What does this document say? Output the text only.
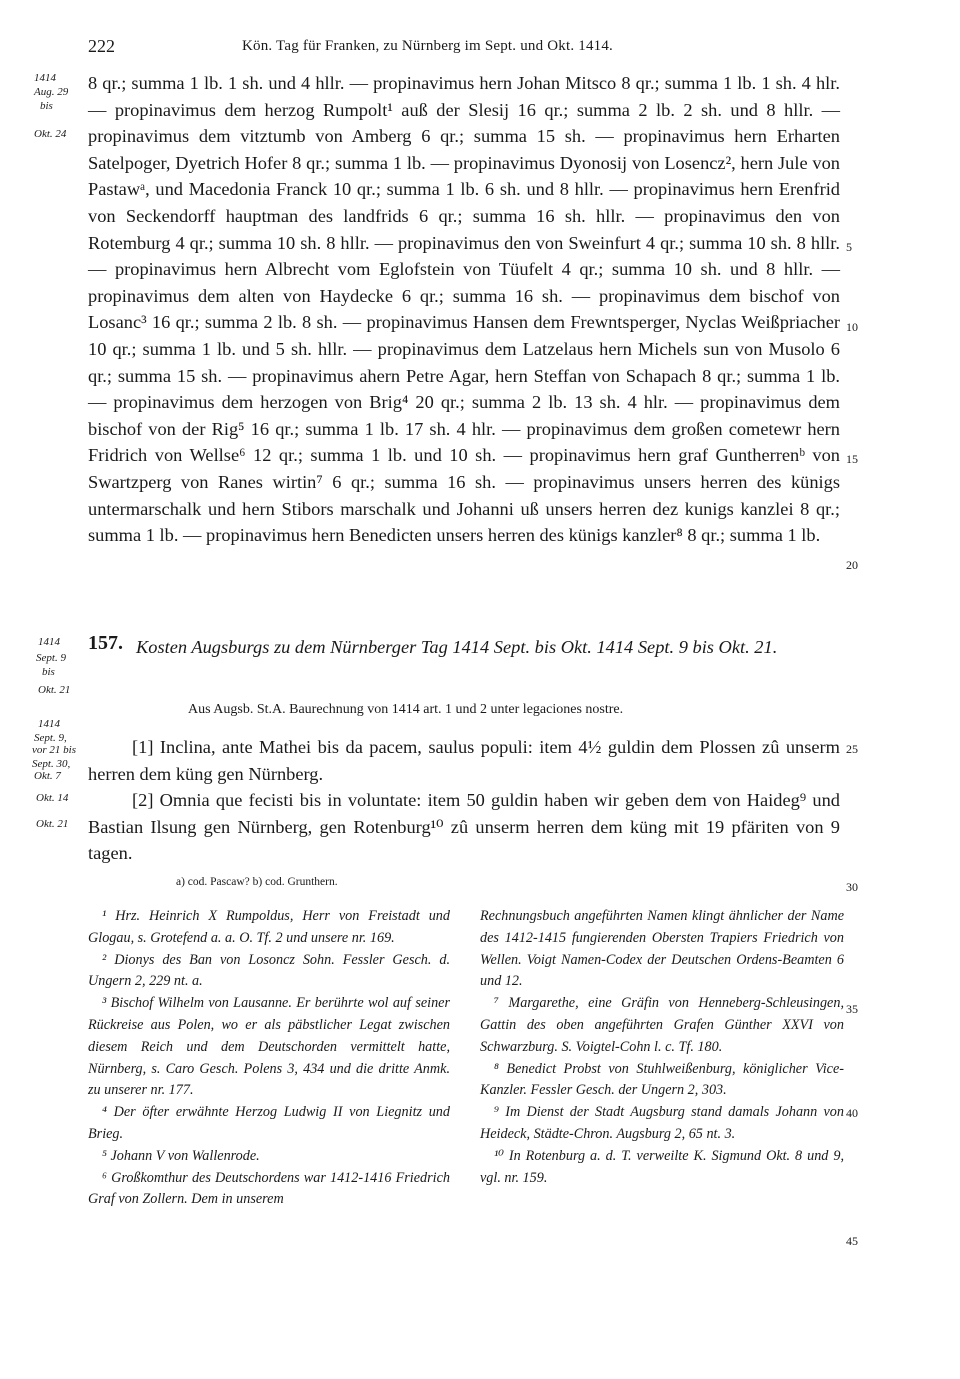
222	Kön. Tag für Franken, zu Nürnberg im Sept. und Okt. 1414.
1414
Aug. 29
bis
Okt. 24
1414
Sept. 9
bis
Okt. 21
1414
Sept. 9,
vor 21 bis
Sept. 30,
Okt. 7
Okt. 14
Okt. 21

8 qr.; summa 1 lb. 1 sh. und 4 hllr. — propinavimus hern Johan Mitsco 8 qr.; summa 1 lb. 1 sh. 4 hlr. — propinavimus dem herzog Rumpolt¹ auß der Slesij 16 qr.; summa 2 lb. 2 sh. und 8 hllr. — propinavimus dem vitztumb von Amberg 6 qr.; summa 15 sh. — propinavimus hern Erharten Satelpoger, Dyetrich Hofer 8 qr.; summa 1 lb. — propinavimus Dyonosij von Losencz², hern Jule von Pastawᵃ, und Macedonia Franck 10 qr.; summa 1 lb. 6 sh. und 8 hllr. — propinavimus hern Erenfrid von Seckendorff hauptman des landfrids 6 qr.; summa 16 sh. hllr. — propinavimus den von Rotemburg 4 qr.; summa 10 sh. 8 hllr. — propinavimus den von Sweinfurt 4 qr.; summa 10 sh. 8 hllr. — propinavimus hern Albrecht vom Eglofstein von Tüufelt 4 qr.; summa 10 sh. und 8 hllr. — propinavimus dem alten von Haydecke 6 qr.; summa 16 sh. — propinavimus dem bischof von Losanc³ 16 qr.; summa 2 lb. 8 sh. — propinavimus Hansen dem Frewntsperger, Nyclas Weißpriacher 10 qr.; summa 1 lb. und 5 sh. hllr. — propinavimus dem Latzelaus hern Michels sun von Musolo 6 qr.; summa 15 sh. — propinavimus ahern Petre Agar, hern Steffan von Schapach 8 qr.; summa 1 lb. — propinavimus dem herzogen von Brig⁴ 20 qr.; summa 2 lb. 13 sh. 4 hlr. — propinavimus dem bischof von der Rig⁵ 16 qr.; summa 1 lb. 17 sh. 4 hlr. — propinavimus dem großen cometewr hern Fridrich von Wellse⁶ 12 qr.; summa 1 lb. und 10 sh. — propinavimus hern graf Guntherrenᵇ von Swartzperg von Ranes wirtin⁷ 6 qr.; summa 16 sh. — propinavimus unsers herren des künigs untermarschalk und hern Stibors marschalk und Johanni uß unsers herren dez kunigs kanzlei 8 qr.; summa 1 lb. — propinavimus hern Benedicten unsers herren des künigs kanzler⁸ 8 qr.; summa 1 lb.

5
10
15
20
25
30
35
40
45
157. Kosten Augsburgs zu dem Nürnberger Tag 1414 Sept. bis Okt. 1414 Sept. 9 bis Okt. 21.
Aus Augsb. St.A. Baurechnung von 1414 art. 1 und 2 unter legaciones nostre.

[1] Inclina, ante Mathei bis da pacem, saulus populi: item 4½ guldin dem Plossen zû unserm herren dem küng gen Nürnberg.

[2] Omnia que fecisti bis in voluntate: item 50 guldin haben wir geben dem von Haideg⁹ und Bastian Ilsung gen Nürnberg, gen Rotenburg¹⁰ zû unserm herren dem küng mit 19 pfäriten von 9 tagen.

a) cod. Pascaw? b) cod. Grunthern.

¹ Hrz. Heinrich X Rumpoldus, Herr von Freistadt und Glogau, s. Grotefend a. a. O. Tf. 2 und unsere nr. 169.

² Dionys des Ban von Losoncz Sohn. Fessler Gesch. d. Ungern 2, 229 nt. a.

³ Bischof Wilhelm von Lausanne. Er berührte wol auf seiner Rückreise aus Polen, wo er als päbstlicher Legat zwischen diesem Reich und dem Deutschorden vermittelt hatte, Nürnberg, s. Caro Gesch. Polens 3, 434 und die dritte Anmk. zu unserer nr. 177.

⁴ Der öfter erwähnte Herzog Ludwig II von Liegnitz und Brieg.

⁵ Johann V von Wallenrode.

⁶ Großkomthur des Deutschordens war 1412-1416 Friedrich Graf von Zollern. Dem in unserem

Rechnungsbuch angeführten Namen klingt ähnlicher der Name des 1412-1415 fungierenden Obersten Trapiers Friedrich von Wellen. Voigt Namen-Codex der Deutschen Ordens-Beamten 6 und 12.

⁷ Margarethe, eine Gräfin von Henneberg-Schleusingen, Gattin des oben angeführten Grafen Günther XXVI von Schwarzburg. S. Voigtel-Cohn l. c. Tf. 180.

⁸ Benedict Probst von Stuhlweißenburg, königlicher Vice-Kanzler. Fessler Gesch. der Ungern 2, 303.

⁹ Im Dienst der Stadt Augsburg stand damals Johann von Heideck, Städte-Chron. Augsburg 2, 65 nt. 3.

¹⁰ In Rotenburg a. d. T. verweilte K. Sigmund Okt. 8 und 9, vgl. nr. 159.
